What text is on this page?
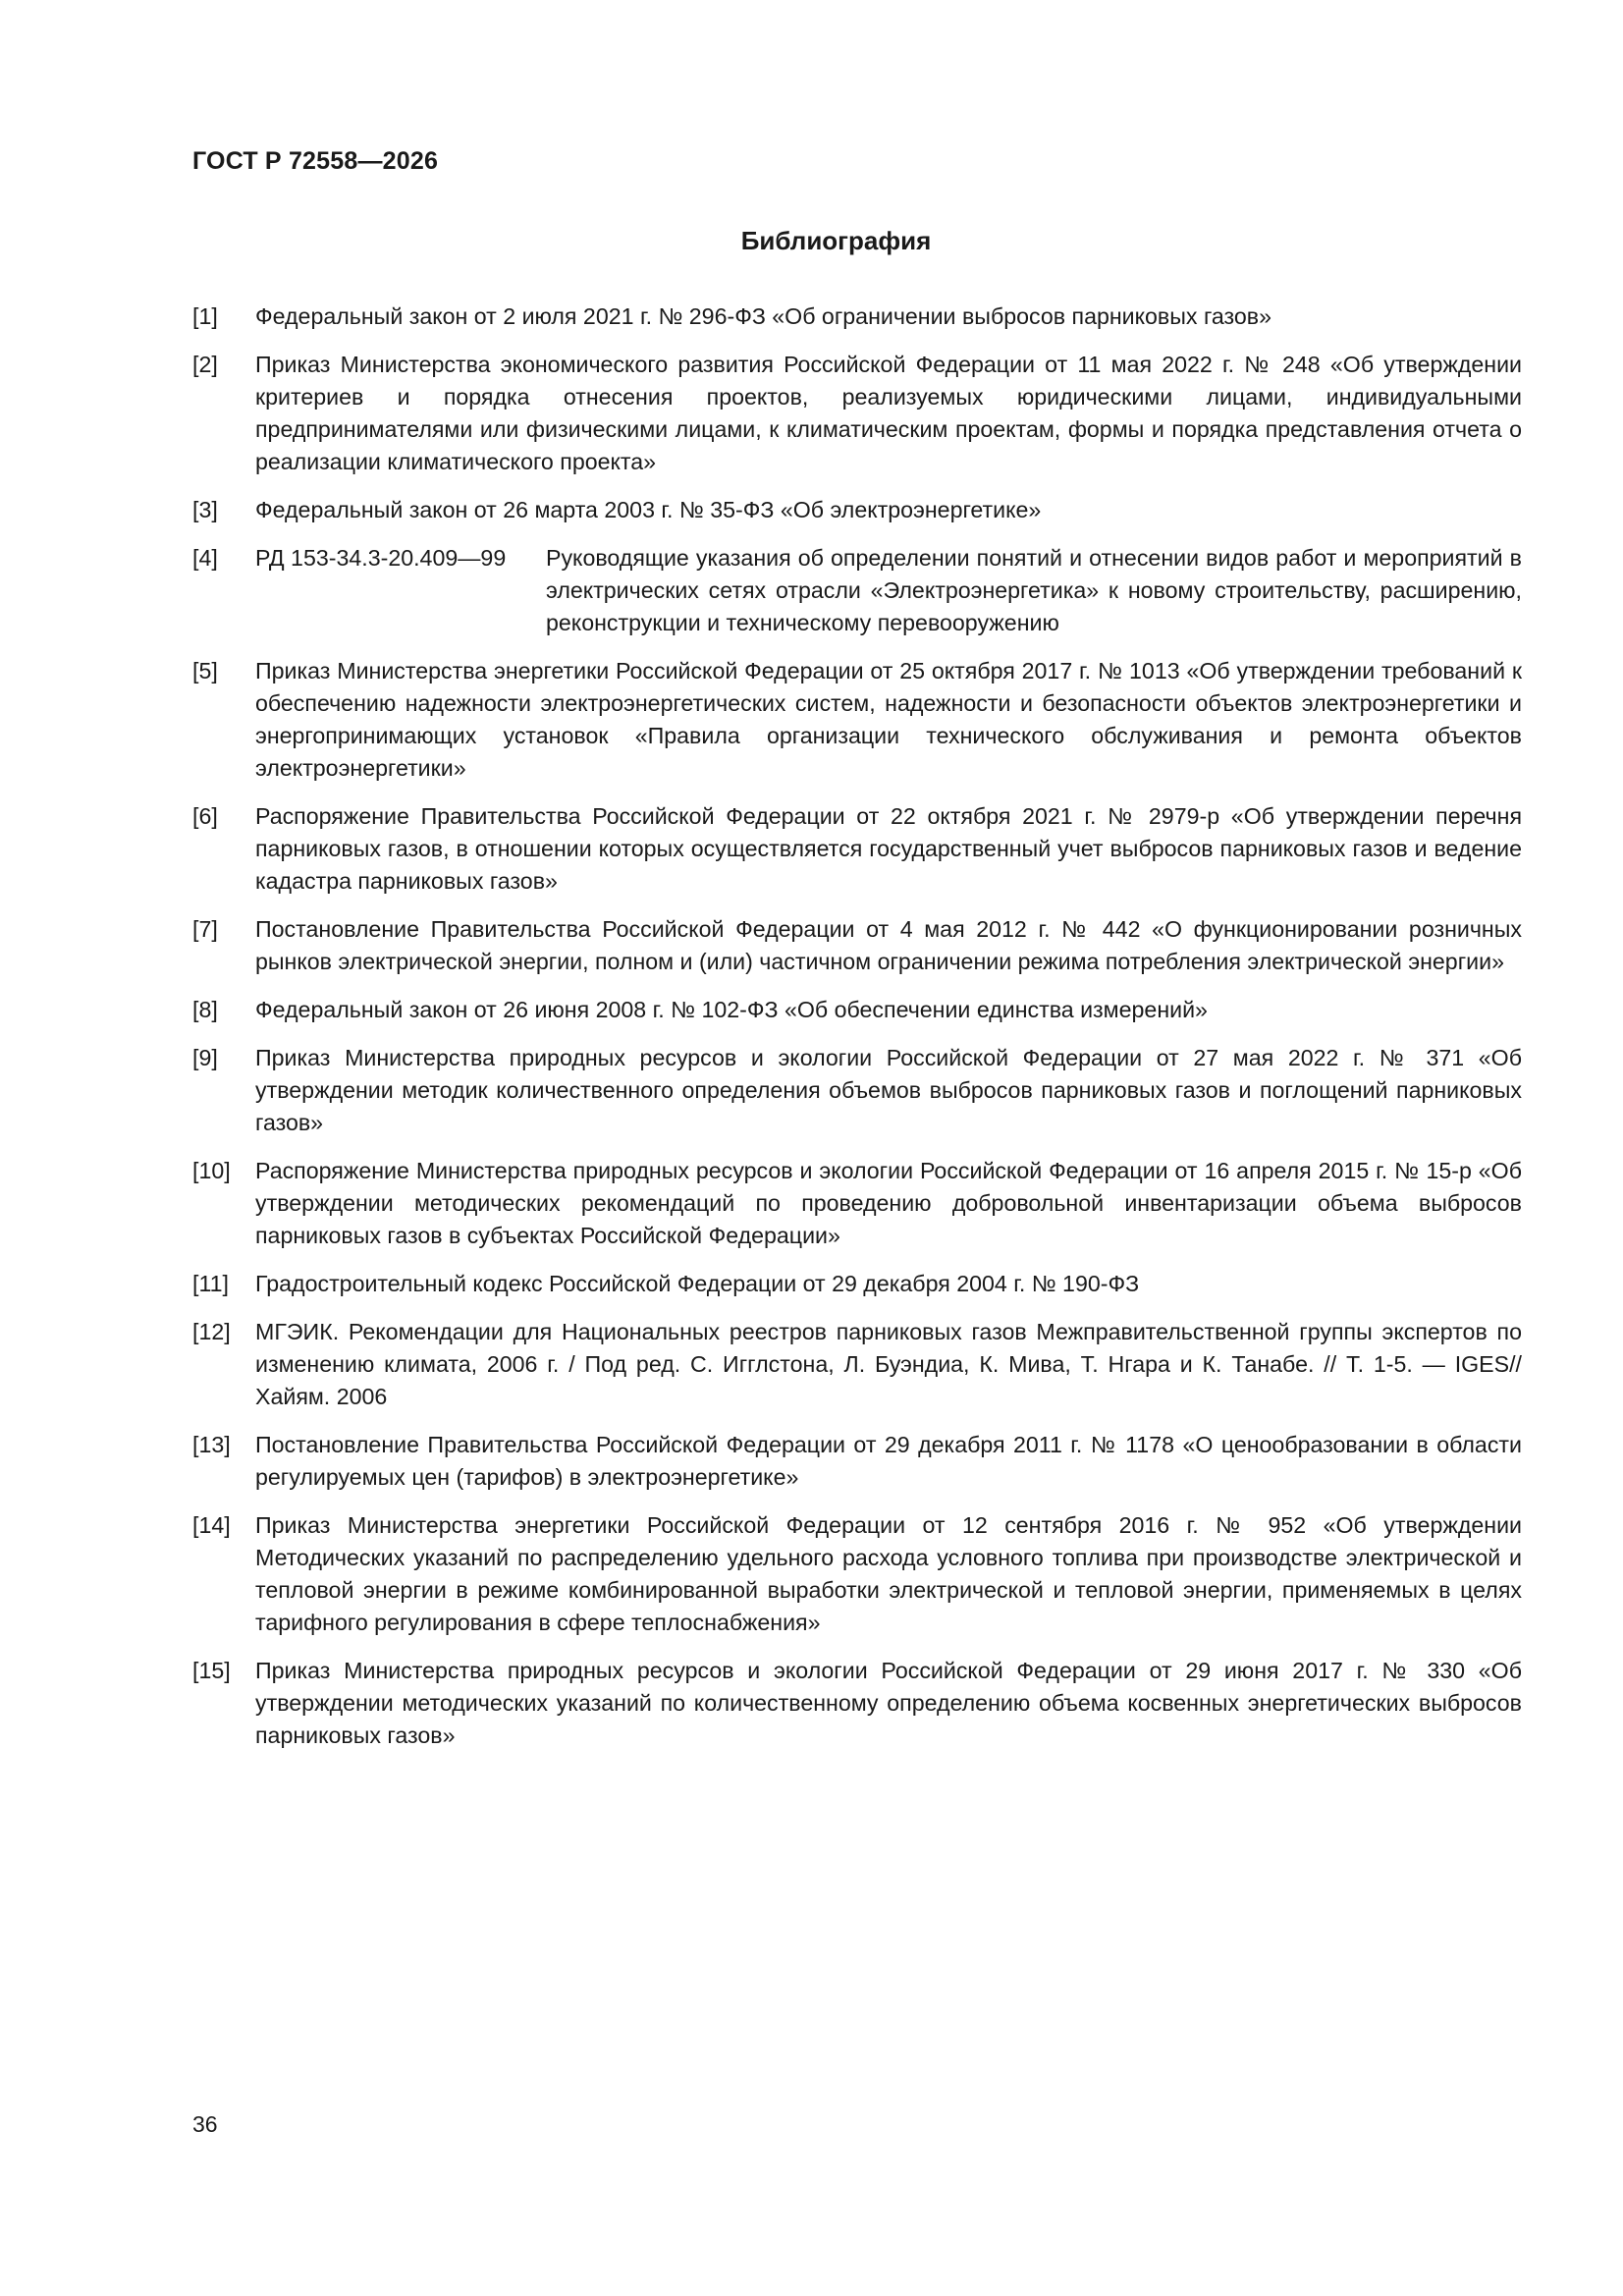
ГОСТ Р 72558—2026
Библиография
[1]	Федеральный закон от 2 июля 2021 г. № 296-ФЗ «Об ограничении выбросов парниковых газов»
[2]	Приказ Министерства экономического развития Российской Федерации от 11 мая 2022 г. № 248 «Об утверждении критериев и порядка отнесения проектов, реализуемых юридическими лицами, индивидуальными предпринимателями или физическими лицами, к климатическим проектам, формы и порядка представления отчета о реализации климатического проекта»
[3]	Федеральный закон от 26 марта 2003 г. № 35-ФЗ «Об электроэнергетике»
[4]	РД 153-34.3-20.409—99	Руководящие указания об определении понятий и отнесении видов работ и мероприятий в электрических сетях отрасли «Электроэнергетика» к новому строительству, расширению, реконструкции и техническому перевооружению
[5]	Приказ Министерства энергетики Российской Федерации от 25 октября 2017 г. № 1013 «Об утверждении требований к обеспечению надежности электроэнергетических систем, надежности и безопасности объектов электроэнергетики и энергопринимающих установок «Правила организации технического обслуживания и ремонта объектов электроэнергетики»
[6]	Распоряжение Правительства Российской Федерации от 22 октября 2021 г. № 2979-р «Об утверждении перечня парниковых газов, в отношении которых осуществляется государственный учет выбросов парниковых газов и ведение кадастра парниковых газов»
[7]	Постановление Правительства Российской Федерации от 4 мая 2012 г. № 442 «О функционировании розничных рынков электрической энергии, полном и (или) частичном ограничении режима потребления электрической энергии»
[8]	Федеральный закон от 26 июня 2008 г. № 102-ФЗ «Об обеспечении единства измерений»
[9]	Приказ Министерства природных ресурсов и экологии Российской Федерации от 27 мая 2022 г. № 371 «Об утверждении методик количественного определения объемов выбросов парниковых газов и поглощений парниковых газов»
[10]	Распоряжение Министерства природных ресурсов и экологии Российской Федерации от 16 апреля 2015 г. № 15-р «Об утверждении методических рекомендаций по проведению добровольной инвентаризации объема выбросов парниковых газов в субъектах Российской Федерации»
[11]	Градостроительный кодекс Российской Федерации от 29 декабря 2004 г. № 190-ФЗ
[12]	МГЭИК. Рекомендации для Национальных реестров парниковых газов Межправительственной группы экспертов по изменению климата, 2006 г. / Под ред. С. Игглстона, Л. Буэндиа, К. Мива, Т. Нгара и К. Танабе. // Т. 1-5. — IGES// Хайям. 2006
[13]	Постановление Правительства Российской Федерации от 29 декабря 2011 г. № 1178 «О ценообразовании в области регулируемых цен (тарифов) в электроэнергетике»
[14]	Приказ Министерства энергетики Российской Федерации от 12 сентября 2016 г. № 952 «Об утверждении Методических указаний по распределению удельного расхода условного топлива при производстве электрической и тепловой энергии в режиме комбинированной выработки электрической и тепловой энергии, применяемых в целях тарифного регулирования в сфере теплоснабжения»
[15]	Приказ Министерства природных ресурсов и экологии Российской Федерации от 29 июня 2017 г. № 330 «Об утверждении методических указаний по количественному определению объема косвенных энергетических выбросов парниковых газов»
36
